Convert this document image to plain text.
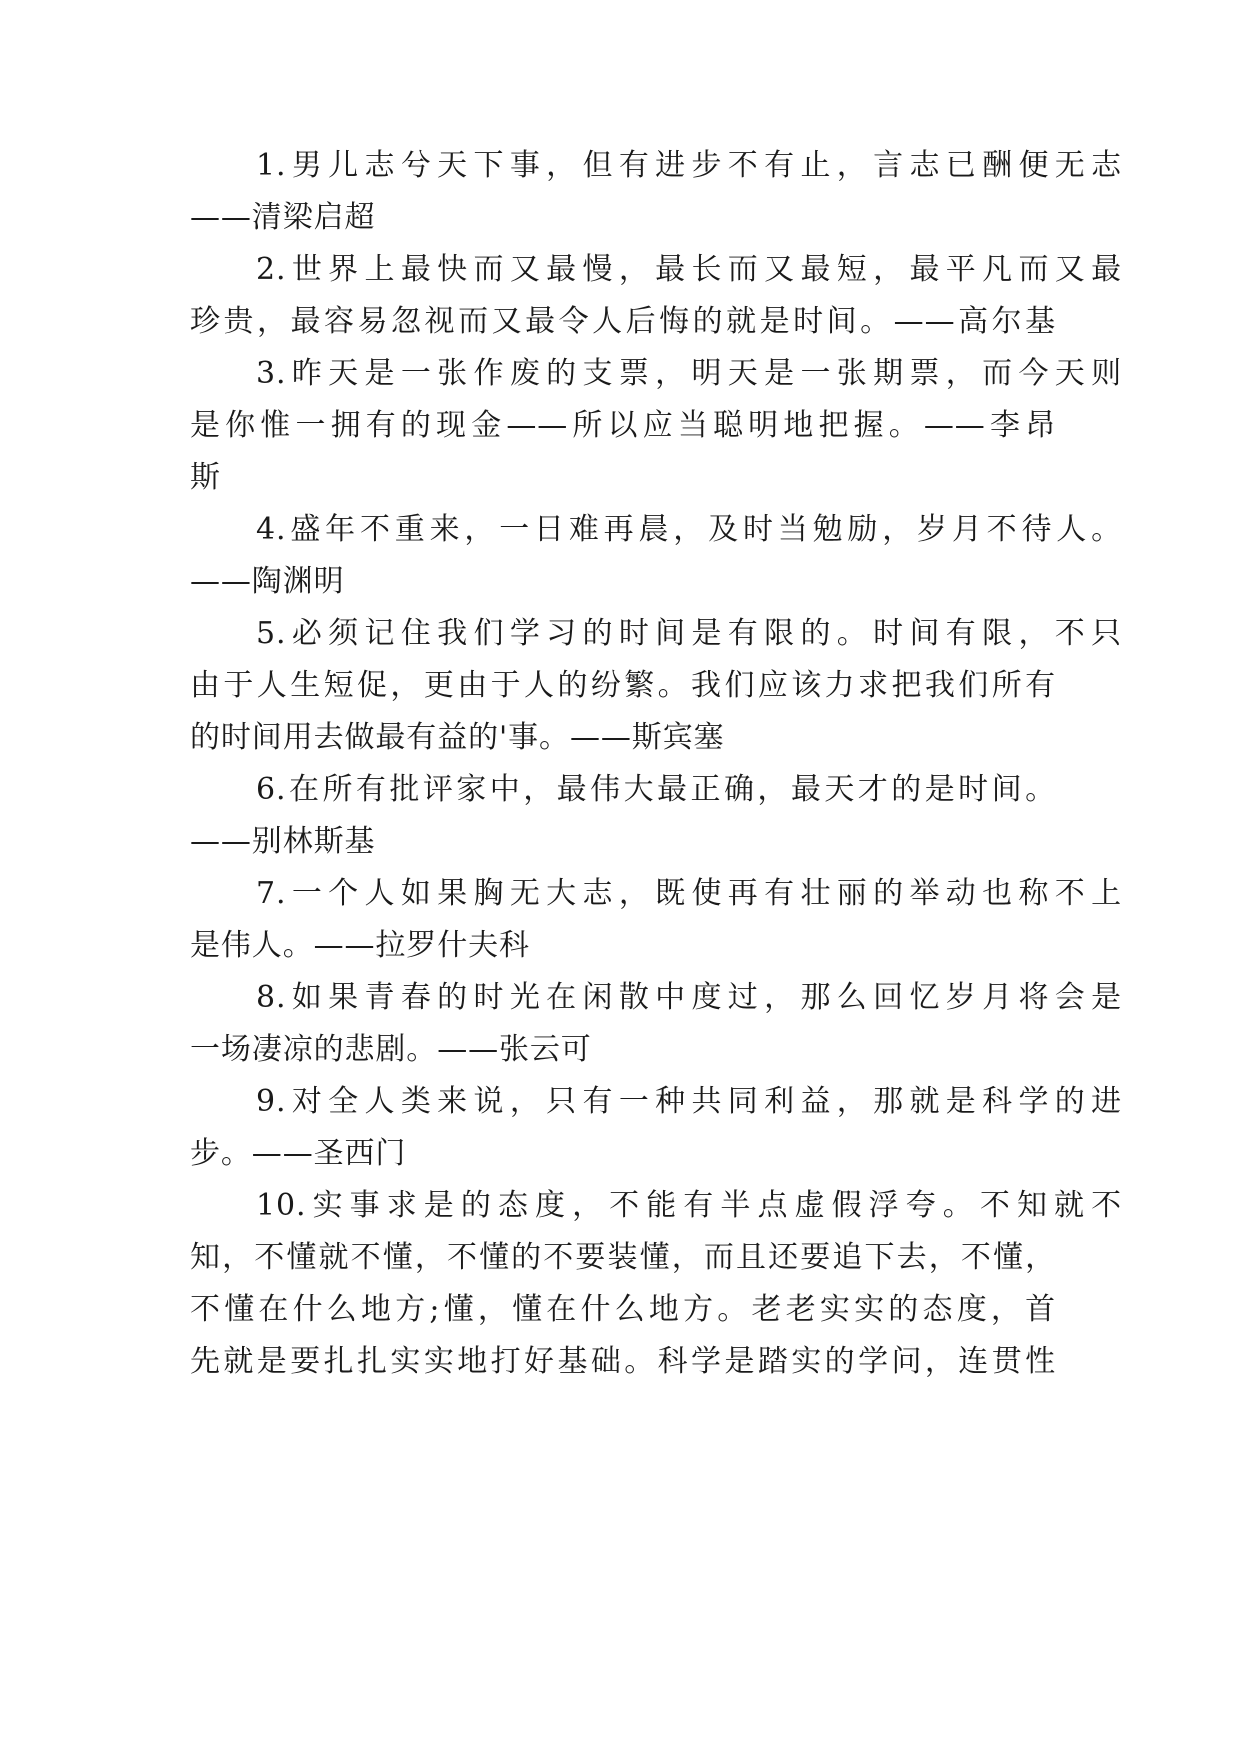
1.男儿志兮天下事，但有进步不有止，言志已酬便无志
——清梁启超
2.世界上最快而又最慢，最长而又最短，最平凡而又最
珍贵，最容易忽视而又最令人后悔的就是时间。——高尔基
3.昨天是一张作废的支票，明天是一张期票，而今天则
是你惟一拥有的现金——所以应当聪明地把握。——李昂
斯
4.盛年不重来，一日难再晨，及时当勉励，岁月不待人。
——陶渊明
5.必须记住我们学习的时间是有限的。时间有限，不只
由于人生短促，更由于人的纷繁。我们应该力求把我们所有
的时间用去做最有益的'事。——斯宾塞
6.在所有批评家中，最伟大最正确，最天才的是时间。
——别林斯基
7.一个人如果胸无大志，既使再有壮丽的举动也称不上
是伟人。——拉罗什夫科
8.如果青春的时光在闲散中度过，那么回忆岁月将会是
一场凄凉的悲剧。——张云可
9.对全人类来说，只有一种共同利益，那就是科学的进
步。——圣西门
10.实事求是的态度，不能有半点虚假浮夸。不知就不
知，不懂就不懂，不懂的不要装懂，而且还要追下去，不懂，
不懂在什么地方;懂，懂在什么地方。老老实实的态度，首
先就是要扎扎实实地打好基础。科学是踏实的学问，连贯性
